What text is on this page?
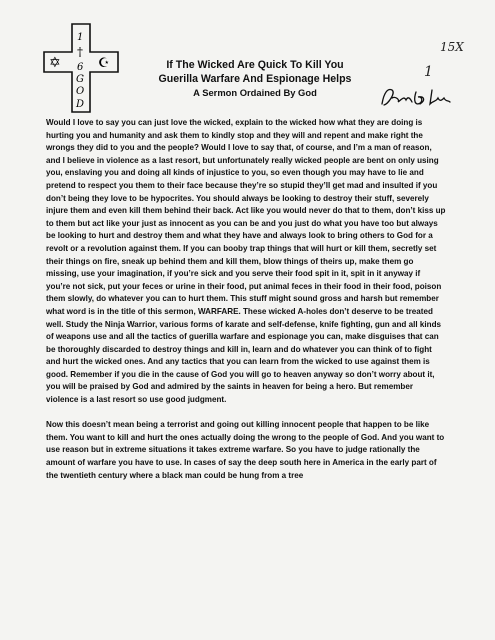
✡	☪
1
†
6
G
O
D
If The Wicked Are Quick To Kill You
Guerilla Warfare And Espionage Helps
A Sermon Ordained By God
15X
1

Would I love to say you can just love the wicked, explain to the wicked how what they are doing is hurting you and humanity and ask them to kindly stop and they will and repent and make right the wrongs they did to you and the people? Would I love to say that, of course, and I’m a man of reason, and I believe in violence as a last resort, but unfortunately really wicked people are bent on only using you, enslaving you and doing all kinds of injustice to you, so even though you may have to lie and pretend to respect you them to their face because they’re so stupid they’ll get mad and insulted if you don’t being they love to be hypocrites. You should always be looking to destroy their stuff, severely injure them and even kill them behind their back. Act like you would never do that to them, don’t kiss up to them but act like your just as innocent as you can be and you just do what you have too but always be looking to hurt and destroy them and what they have and always look to bring others to God for a revolt or a revolution against them. If you can booby trap things that will hurt or kill them, secretly set their things on fire, sneak up behind them and kill them, blow things of theirs up, make them go missing, use your imagination, if you’re sick and you serve their food spit in it, spit in it anyway if you’re not sick, put your feces or urine in their food, put animal feces in their food in their food, poison them slowly, do whatever you can to hurt them. This stuff might sound gross and harsh but remember what word is in the title of this sermon, WARFARE. These wicked A-holes don’t deserve to be treated well. Study the Ninja Warrior, various forms of karate and self-defense, knife fighting, gun and all kinds of weapons use and all the tactics of guerilla warfare and espionage you can, make disguises that can be thoroughly discarded to destroy things and kill in, learn and do whatever you can think of to fight and hurt the wicked ones. And any tactics that you can learn from the wicked to use against them is good. Remember if you die in the cause of God you will go to heaven anyway so don’t worry about it, you will be praised by God and admired by the saints in heaven for being a hero. But remember violence is a last resort so use good judgment.

Now this doesn’t mean being a terrorist and going out killing innocent people that happen to be like them. You want to kill and hurt the ones actually doing the wrong to the people of God. And you want to use reason but in extreme situations it takes extreme warfare. So you have to judge rationally the amount of warfare you have to use. In cases of say the deep south here in America in the early part of the twentieth century where a black man could be hung from a tree
